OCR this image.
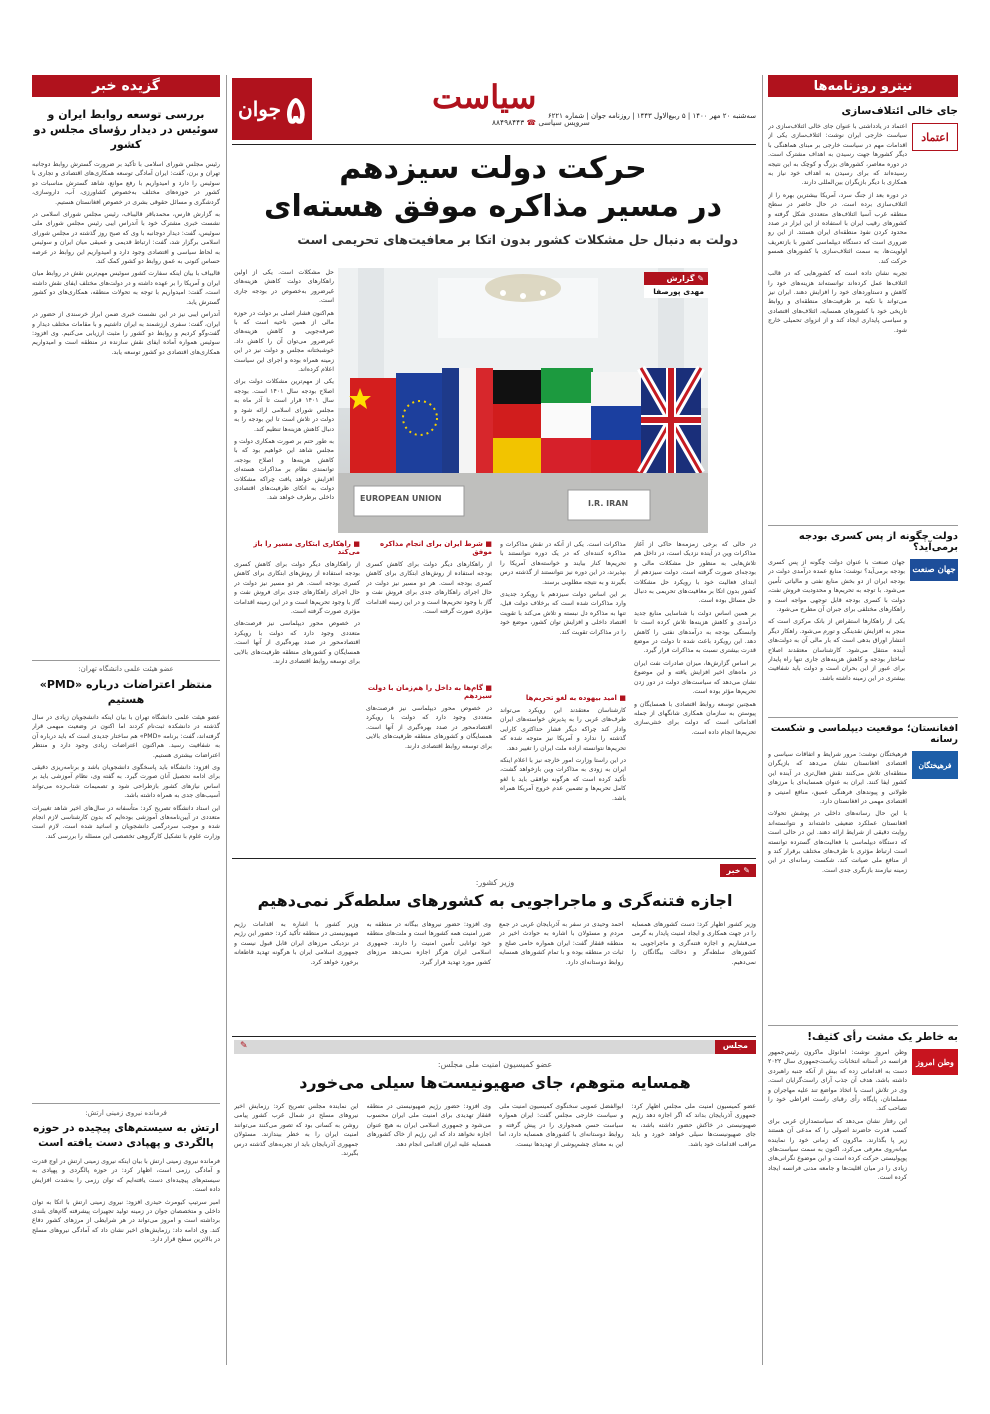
گزیده خبر
بررسی توسعه روابط ایران و سوئیس در دیدار رؤسای مجلس دو کشور

رئیس مجلس شورای اسلامی با تأکید بر ضرورت گسترش روابط دوجانبه تهران و برن، گفت: ایران آمادگی توسعه همکاری‌های اقتصادی و تجاری با سوئیس را دارد و امیدواریم با رفع موانع، شاهد گسترش مناسبات دو کشور در حوزه‌های مختلف به‌خصوص کشاورزی، آب، داروسازی، گردشگری و مسائل حقوقی بشری در خصوص افغانستان هستیم.

به گزارش فارس، محمدباقر قالیباف، رئیس مجلس شورای اسلامی در نشست خبری مشترک خود با آندراس ایبی رئیس مجلس شورای ملی سوئیس، گفت: دیدار دوجانبه با وی که صبح روز گذشته در مجلس شورای اسلامی برگزار شد، گفت: ارتباط قدیمی و عمیقی میان ایران و سوئیس به لحاظ سیاسی و اقتصادی وجود دارد و امیدواریم این روابط در عرصه حساس کنونی به عمق روابط دو کشور کمک کند.

قالیباف با بیان اینکه سفارت کشور سوئیس مهم‌ترین نقش در روابط میان ایران و آمریکا را بر عهده داشته و در دولت‌های مختلف ایفای نقش داشته است، گفت: امیدواریم با توجه به تحولات منطقه، همکاری‌های دو کشور گسترش یابد.

آندراس ایبی نیز در این نشست خبری ضمن ابراز خرسندی از حضور در ایران، گفت: سفری ارزشمند به ایران داشتیم و با مقامات مختلف دیدار و گفت‌وگو کردیم و روابط دو کشور را مثبت ارزیابی می‌کنیم. وی افزود: سوئیس همواره آماده ایفای نقش سازنده در منطقه است و امیدواریم همکاری‌های اقتصادی دو کشور توسعه یابد.

عضو هیئت علمی دانشگاه تهران:
منتظر اعتراضات درباره «PMD» هستیم

عضو هیئت علمی دانشگاه تهران با بیان اینکه دانشجویان زیادی در سال گذشته در دانشکده ثبت‌نام کردند اما اکنون در وضعیت مبهمی قرار گرفته‌اند، گفت: برنامه «PMD» هم ساختار جدیدی است که باید درباره آن به شفافیت رسید. هم‌اکنون اعتراضات زیادی وجود دارد و منتظر اعتراضات بیشتری هستیم.

وی افزود: دانشگاه باید پاسخگوی دانشجویان باشد و برنامه‌ریزی دقیقی برای ادامه تحصیل آنان صورت گیرد. به گفته وی، نظام آموزشی باید بر اساس نیازهای کشور بازطراحی شود و تصمیمات شتاب‌زده می‌تواند آسیب‌های جدی به همراه داشته باشد.

این استاد دانشگاه تصریح کرد: متأسفانه در سال‌های اخیر شاهد تغییرات متعددی در آیین‌نامه‌های آموزشی بوده‌ایم که بدون کارشناسی لازم انجام شده و موجب سردرگمی دانشجویان و اساتید شده است. لازم است وزارت علوم با تشکیل کارگروهی تخصصی این مسئله را بررسی کند.

فرمانده نیروی زمینی ارتش:
ارتش به سیستم‌های پیچیده در حوزه پالگردی و پهپادی دست یافته است

فرمانده نیروی زمینی ارتش با بیان اینکه نیروی زمینی ارتش در اوج قدرت و آمادگی رزمی است، اظهار کرد: در حوزه پالگردی و پهپادی به سیستم‌های پیچیده‌ای دست یافته‌ایم که توان رزمی را به‌شدت افزایش داده است.

امیر سرتیپ کیومرث حیدری افزود: نیروی زمینی ارتش با اتکا به توان داخلی و متخصصان جوان در زمینه تولید تجهیزات پیشرفته گام‌های بلندی برداشته است و امروز می‌تواند در هر شرایطی از مرزهای کشور دفاع کند. وی ادامه داد: رزمایش‌های اخیر نشان داد که آمادگی نیروهای مسلح در بالاترین سطح قرار دارد.

نیترو روزنامه‌ها
جای خالی ائتلاف‌سازی
اعتماد

اعتماد در یادداشتی با عنوان جای خالی ائتلاف‌سازی در سیاست خارجی ایران نوشت: ائتلاف‌سازی یکی از اقدامات مهم در سیاست خارجی بر مبنای هماهنگی با دیگر کشورها جهت رسیدن به اهداف مشترک است. در دوره معاصر، کشورهای بزرگ و کوچک به این نتیجه رسیده‌اند که برای رسیدن به اهداف خود نیاز به همکاری با دیگر بازیگران بین‌المللی دارند.

در دوره بعد از جنگ سرد، آمریکا بیشترین بهره را از ائتلاف‌سازی برده است. در حال حاضر در سطح منطقه غرب آسیا ائتلاف‌های متعددی شکل گرفته و کشورهای رقیب ایران با استفاده از این ابزار در صدد محدود کردن نفوذ منطقه‌ای ایران هستند. از این رو ضروری است که دستگاه دیپلماسی کشور با بازتعریف اولویت‌ها، به سمت ائتلاف‌سازی با کشورهای همسو حرکت کند.

تجربه نشان داده است که کشورهایی که در قالب ائتلاف‌ها عمل کرده‌اند توانسته‌اند هزینه‌های خود را کاهش و دستاوردهای خود را افزایش دهند. ایران نیز می‌تواند با تکیه بر ظرفیت‌های منطقه‌ای و روابط تاریخی خود با کشورهای همسایه، ائتلاف‌های اقتصادی و سیاسی پایداری ایجاد کند و از انزوای تحمیلی خارج شود.

دولت چگونه از پس کسری بودجه برمی‌آید؟
جهان صنعت

جهان صنعت با عنوان دولت چگونه از پس کسری بودجه برمی‌آید؟ نوشت: منابع عمده درآمدی دولت در بودجه ایران از دو بخش منابع نفتی و مالیاتی تأمین می‌شود. با توجه به تحریم‌ها و محدودیت فروش نفت، دولت با کسری بودجه قابل توجهی مواجه است و راهکارهای مختلفی برای جبران آن مطرح می‌شود.

یکی از راهکارها استقراض از بانک مرکزی است که منجر به افزایش نقدینگی و تورم می‌شود. راهکار دیگر انتشار اوراق بدهی است که بار مالی آن به دولت‌های آینده منتقل می‌شود. کارشناسان معتقدند اصلاح ساختار بودجه و کاهش هزینه‌های جاری تنها راه پایدار برای عبور از این بحران است و دولت باید شفافیت بیشتری در این زمینه داشته باشد.

افغانستان؛ موقعیت دیپلماسی و شکست رسانه
فرهیختگان

فرهیختگان نوشت: مرور شرایط و اتفاقات سیاسی و اقتصادی افغانستان نشان می‌دهد که بازیگران منطقه‌ای تلاش می‌کنند نقش فعال‌تری در آینده این کشور ایفا کنند. ایران به عنوان همسایه‌ای با مرزهای طولانی و پیوندهای فرهنگی عمیق، منافع امنیتی و اقتصادی مهمی در افغانستان دارد.

با این حال رسانه‌های داخلی در پوشش تحولات افغانستان عملکرد ضعیفی داشته‌اند و نتوانسته‌اند روایت دقیقی از شرایط ارائه دهند. این در حالی است که دستگاه دیپلماسی با فعالیت‌های گسترده توانسته است ارتباط مؤثری با طرف‌های مختلف برقرار کند و از منافع ملی صیانت کند. شکست رسانه‌ای در این زمینه نیازمند بازنگری جدی است.

به خاطر یک مشت رأی کثیف!
وطن امروز

وطن امروز نوشت: امانوئل ماکرون رئیس‌جمهور فرانسه در آستانه انتخابات ریاست‌جمهوری سال ۲۰۲۲ دست به اقداماتی زده که بیش از آنکه جنبه راهبردی داشته باشد، هدف آن جذب آرای راست‌گرایان است. وی در تلاش است با اتخاذ مواضع تند علیه مهاجران و مسلمانان، پایگاه رأی رقبای راست افراطی خود را تصاحب کند.

این رفتار نشان می‌دهد که سیاستمداران غربی برای کسب قدرت حاضرند اصولی را که مدعی آن هستند زیر پا بگذارند. ماکرون که زمانی خود را نماینده میانه‌روی معرفی می‌کرد، اکنون به سمت سیاست‌های پوپولیستی حرکت کرده است و این موضوع نگرانی‌های زیادی را در میان اقلیت‌ها و جامعه مدنی فرانسه ایجاد کرده است.

۵
جوان	سیاست
سرویس سیاسی ☎ ۸۸۴۹۸۴۴۳
سه‌شنبه ۲۰ مهر ۱۴۰۰ | ۵ ربیع‌الاول ۱۴۴۳ | روزنامه جوان | شماره ۶۲۲۱
حرکت دولت سیزدهم
در مسیر مذاکره موفق هسته‌ای
دولت به دنبال حل مشکلات کشور بدون اتکا بر معافیت‌های تحریمی است
EUROPEAN UNION
I.R. IRAN
✎ گزارش
مهدی پورصفا

حل مشکلات است. یکی از اولین راهکارهای دولت کاهش هزینه‌های غیرضرور به‌خصوص در بودجه جاری است.

هم‌اکنون فشار اصلی بر دولت در حوزه مالی از همین ناحیه است که با صرفه‌جویی و کاهش هزینه‌های غیرضرور می‌توان آن را کاهش داد. خوشبختانه مجلس و دولت نیز در این زمینه همراه بوده و اجرای این سیاست اعلام کرده‌اند.

یکی از مهم‌ترین مشکلات دولت برای اصلاح بودجه سال ۱۴۰۱ است. بودجه سال ۱۴۰۱ قرار است تا آذر ماه به مجلس شورای اسلامی ارائه شود و دولت در تلاش است تا این بودجه را به دنبال کاهش هزینه‌ها تنظیم کند.

به طور حتم بر صورت همکاری دولت و مجلس شاهد این خواهیم بود که با کاهش هزینه‌ها و اصلاح بودجه، توانمندی نظام بر مذاکرات هسته‌ای افزایش خواهد یافت چراکه مشکلات دولت به اتکای ظرفیت‌های اقتصادی داخلی برطرف خواهد شد.

در حالی که برخی زمزمه‌ها حاکی از آغاز مذاکرات وین در آینده نزدیک است، در داخل هم تلاش‌هایی به منظور حل مشکلات مالی و بودجه‌ای صورت گرفته است. دولت سیزدهم از ابتدای فعالیت خود با رویکرد حل مشکلات کشور بدون اتکا بر معافیت‌های تحریمی به دنبال حل مسائل بوده است.

بر همین اساس دولت با شناسایی منابع جدید درآمدی و کاهش هزینه‌ها تلاش کرده است تا وابستگی بودجه به درآمدهای نفتی را کاهش دهد. این رویکرد باعث شده تا دولت در موضع قدرت بیشتری نسبت به مذاکرات قرار گیرد.

بر اساس گزارش‌ها، میزان صادرات نفت ایران در ماه‌های اخیر افزایش یافته و این موضوع نشان می‌دهد که سیاست‌های دولت در دور زدن تحریم‌ها مؤثر بوده است.

همچنین توسعه روابط اقتصادی با همسایگان و پیوستن به سازمان همکاری شانگهای از جمله اقداماتی است که دولت برای خنثی‌سازی تحریم‌ها انجام داده است.

مذاکرات است. یکی از آنکه در نقش مذاکرات و مذاکره کننده‌ای که در یک دوره نتوانستند با تحریم‌ها کنار بیایند و خواسته‌های آمریکا را بپذیرند، در این دوره نیز نتوانستند از گذشته درس بگیرند و به نتیجه مطلوبی برسند.

بر این اساس دولت سیزدهم با رویکرد جدیدی وارد مذاکرات شده است که برخلاف دولت قبل، تنها به مذاکره دل نبسته و تلاش می‌کند با تقویت اقتصاد داخلی و افزایش توان کشور، موضع خود را در مذاکرات تقویت کند.

■ امید بیهوده به لغو تحریم‌ها

کارشناسان معتقدند این رویکرد می‌تواند طرف‌های غربی را به پذیرش خواسته‌های ایران وادار کند چراکه دیگر فشار حداکثری کارایی گذشته را ندارد و آمریکا نیز متوجه شده که تحریم‌ها نتوانسته اراده ملت ایران را تغییر دهد.

در این راستا وزارت امور خارجه نیز با اعلام اینکه ایران به زودی به مذاکرات وین بازخواهد گشت، تأکید کرده است که هرگونه توافقی باید با لغو کامل تحریم‌ها و تضمین عدم خروج آمریکا همراه باشد.

■ شرط ایران برای انجام مذاکره موفق

از راهکارهای دیگر دولت برای کاهش کسری بودجه استفاده از روش‌های ابتکاری برای کاهش کسری بودجه است. هر دو مسیر نیز دولت در حال اجرای راهکارهای جدی برای فروش نفت و گاز با وجود تحریم‌ها است و در این زمینه اقدامات مؤثری صورت گرفته است.

■ گام‌ها به داخل را هم‌زمان با دولت سیزدهم

در خصوص محور دیپلماسی نیز فرصت‌های متعددی وجود دارد که دولت با رویکرد اقتصادمحور در صدد بهره‌گیری از آنها است. همسایگان و کشورهای منطقه ظرفیت‌های بالایی برای توسعه روابط اقتصادی دارند.

■ راهکاری ابتکاری مسیر را باز می‌کند

از راهکارهای دیگر دولت برای کاهش کسری بودجه استفاده از روش‌های ابتکاری برای کاهش کسری بودجه است. هر دو مسیر نیز دولت در حال اجرای راهکارهای جدی برای فروش نفت و گاز با وجود تحریم‌ها است و در این زمینه اقدامات مؤثری صورت گرفته است.

در خصوص محور دیپلماسی نیز فرصت‌های متعددی وجود دارد که دولت با رویکرد اقتصادمحور در صدد بهره‌گیری از آنها است. همسایگان و کشورهای منطقه ظرفیت‌های بالایی برای توسعه روابط اقتصادی دارند.

✎ خبر
وزیر کشور:
اجازه فتنه‌گری و ماجراجویی به کشورهای سلطه‌گر نمی‌دهیم
وزیر کشور اظهار کرد: دست کشورهای همسایه را در جهت همکاری و ایجاد امنیت پایدار به گرمی می‌فشاریم و اجازه فتنه‌گری و ماجراجویی به کشورهای سلطه‌گر و دخالت بیگانگان را نمی‌دهیم.
احمد وحیدی در سفر به آذربایجان غربی در جمع مردم و مسئولان با اشاره به حوادث اخیر در منطقه قفقاز گفت: ایران همواره حامی صلح و ثبات در منطقه بوده و با تمام کشورهای همسایه روابط دوستانه‌ای دارد.
وی افزود: حضور نیروهای بیگانه در منطقه به ضرر امنیت همه کشورها است و ملت‌های منطقه خود توانایی تأمین امنیت را دارند. جمهوری اسلامی ایران هرگز اجازه نمی‌دهد مرزهای کشور مورد تهدید قرار گیرد.
وزیر کشور با اشاره به اقدامات رژیم صهیونیستی در منطقه تأکید کرد: حضور این رژیم در نزدیکی مرزهای ایران قابل قبول نیست و جمهوری اسلامی ایران با هرگونه تهدید قاطعانه برخورد خواهد کرد.
مجلس
✎
عضو کمیسیون امنیت ملی مجلس:
همسایه متوهم، جای صهیونیست‌ها سیلی می‌خورد
عضو کمیسیون امنیت ملی مجلس اظهار کرد: جمهوری آذربایجان بداند که اگر اجازه دهد رژیم صهیونیستی در خاکش حضور داشته باشد، به جای صهیونیست‌ها سیلی خواهد خورد و باید مراقب اقدامات خود باشد.
ابوالفضل عمویی سخنگوی کمیسیون امنیت ملی و سیاست خارجی مجلس گفت: ایران همواره سیاست حسن همجواری را در پیش گرفته و روابط دوستانه‌ای با کشورهای همسایه دارد، اما این به معنای چشم‌پوشی از تهدیدها نیست.
وی افزود: حضور رژیم صهیونیستی در منطقه قفقاز تهدیدی برای امنیت ملی ایران محسوب می‌شود و جمهوری اسلامی ایران به هیچ عنوان اجازه نخواهد داد که این رژیم از خاک کشورهای همسایه علیه ایران اقدامی انجام دهد.
این نماینده مجلس تصریح کرد: رزمایش اخیر نیروهای مسلح در شمال غرب کشور پیامی روشن به کسانی بود که تصور می‌کنند می‌توانند امنیت ایران را به خطر بیندازند. مسئولان جمهوری آذربایجان باید از تجربه‌های گذشته درس بگیرند.
